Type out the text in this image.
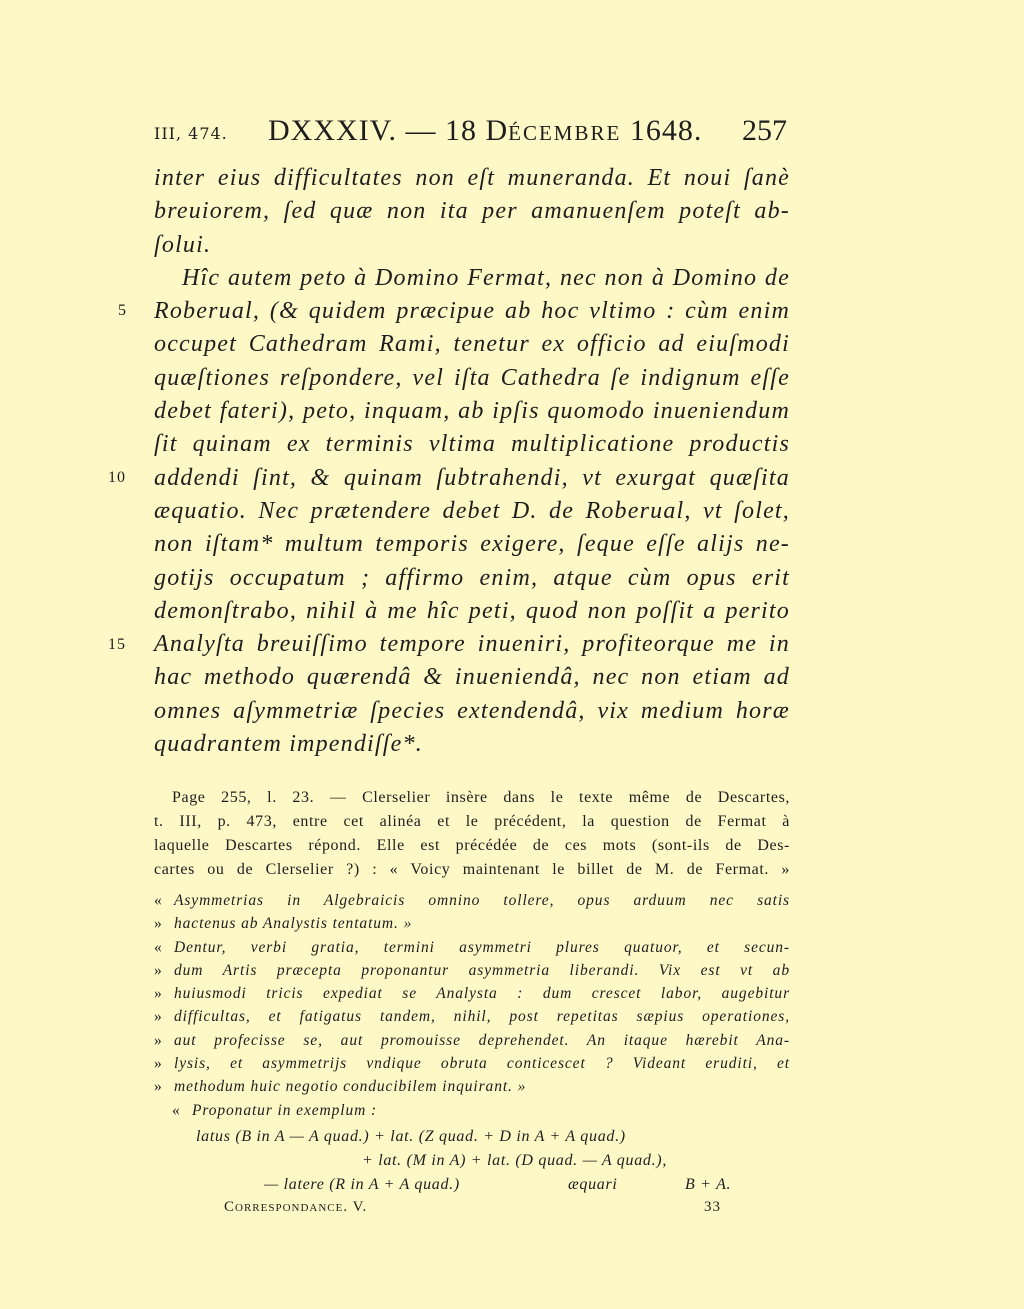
III, 474. DXXXIV. — 18 DÉCEMBRE 1648. 257
inter eius difficultates non eſt muneranda. Et noui ſanè
breuiorem, ſed quæ non ita per amanuenſem poteſt ab-
ſolui.
Hîc autem peto à Domino Fermat, nec non à Domino de
Roberual, (& quidem præcipue ab hoc vltimo : cùm enim
occupet Cathedram Rami, tenetur ex officio ad eiuſmodi
quæſtiones reſpondere, vel iſta Cathedra ſe indignum eſſe
debet fateri), peto, inquam, ab ipſis quomodo inueniendum
ſit quinam ex terminis vltima multiplicatione productis
addendi ſint, & quinam ſubtrahendi, vt exurgat quæſita
æquatio. Nec prætendere debet D. de Roberual, vt ſolet,
non iſtam* multum temporis exigere, ſeque eſſe alijs ne-
gotijs occupatum ; affirmo enim, atque cùm opus erit
demonſtrabo, nihil à me hîc peti, quod non poſſit a perito
Analyſta breuiſſimo tempore inueniri, profiteorque me in
hac methodo quærendâ & inueniendâ, nec non etiam ad
omnes aſymmetriæ ſpecies extendendâ, vix medium horæ
quadrantem impendiſſe*.
5
10
15
Page 255, l. 23. — Clerselier insère dans le texte même de Descartes,
t. III, p. 473, entre cet alinéa et le précédent, la question de Fermat à
laquelle Descartes répond. Elle est précédée de ces mots (sont-ils de Des-
cartes ou de Clerselier ?) : « Voicy maintenant le billet de M. de Fermat. »
« Asymmetrias in Algebraicis omnino tollere, opus arduum nec satis
» hactenus ab Analystis tentatum. »
« Dentur, verbi gratia, termini asymmetri plures quatuor, et secun-
» dum Artis præcepta proponantur asymmetria liberandi. Vix est vt ab
» huiusmodi tricis expediat se Analysta : dum crescet labor, augebitur
» difficultas, et fatigatus tandem, nihil, post repetitas sæpius operationes,
» aut profecisse se, aut promouisse deprehendet. An itaque hærebit Ana-
» lysis, et asymmetrijs vndique obruta conticescet ? Videant eruditi, et
» methodum huic negotio conducibilem inquirant. »
« Proponatur in exemplum :
latus (B in A — A quad.) + lat. (Z quad. + D in A + A quad.)
+ lat. (M in A) + lat. (D quad. — A quad.),
— latere (R in A + A quad.)	æquari	B + A.
Correspondance. V.	33
